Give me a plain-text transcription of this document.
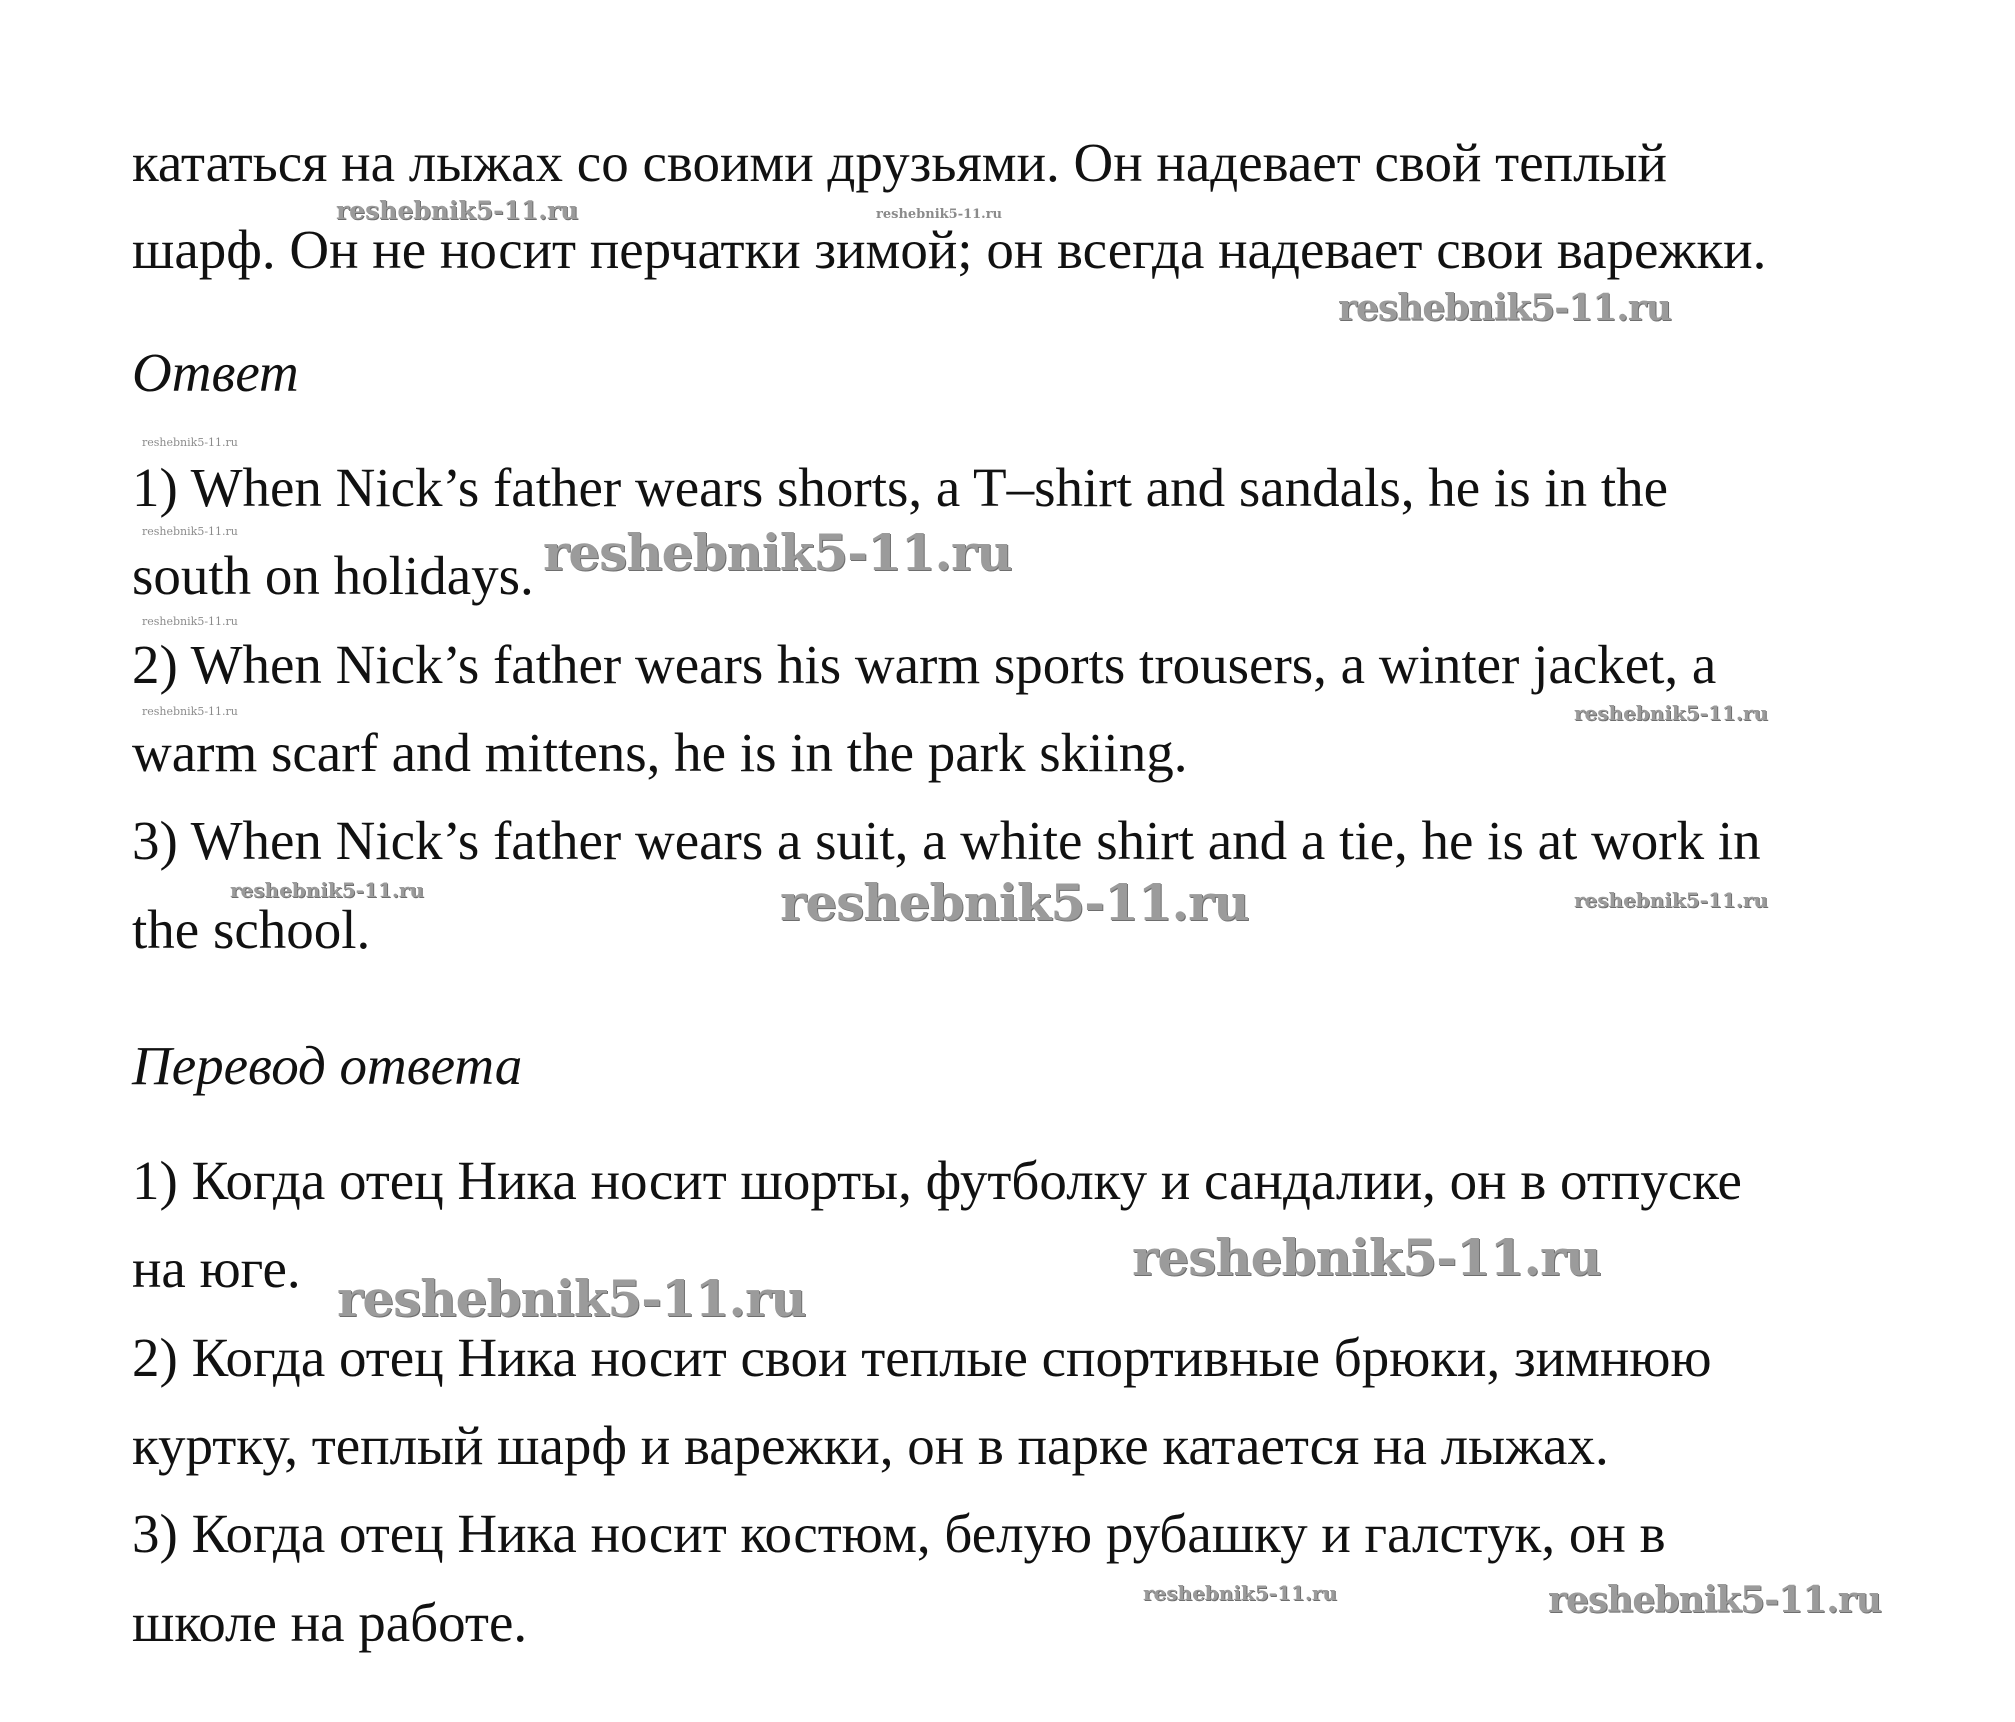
кататься на лыжах со своими друзьями. Он надевает свой теплый
шарф. Он не носит перчатки зимой; он всегда надевает свои варежки.
Ответ
1) When Nick’s father wears shorts, a T–shirt and sandals, he is in the
south on holidays.
2) When Nick’s father wears his warm sports trousers, a winter jacket, a
warm scarf and mittens, he is in the park skiing.
3) When Nick’s father wears a suit, a white shirt and a tie, he is at work in
the school.
Перевод ответа
1) Когда отец Ника носит шорты, футболку и сандалии, он в отпуске
на юге.
2) Когда отец Ника носит свои теплые спортивные брюки, зимнюю
куртку, теплый шарф и варежки, он в парке катается на лыжах.
3) Когда отец Ника носит костюм, белую рубашку и галстук, он в
школе на работе.
reshebnik5-11.ru	reshebnik5-11.ru
reshebnik5-11.ru
reshebnik5-11.ru
reshebnik5-11.ru	reshebnik5-11.ru
reshebnik5-11.ru
reshebnik5-11.ru	reshebnik5-11.ru
reshebnik5-11.ru	reshebnik5-11.ru	reshebnik5-11.ru
reshebnik5-11.ru
reshebnik5-11.ru
reshebnik5-11.ru	reshebnik5-11.ru
